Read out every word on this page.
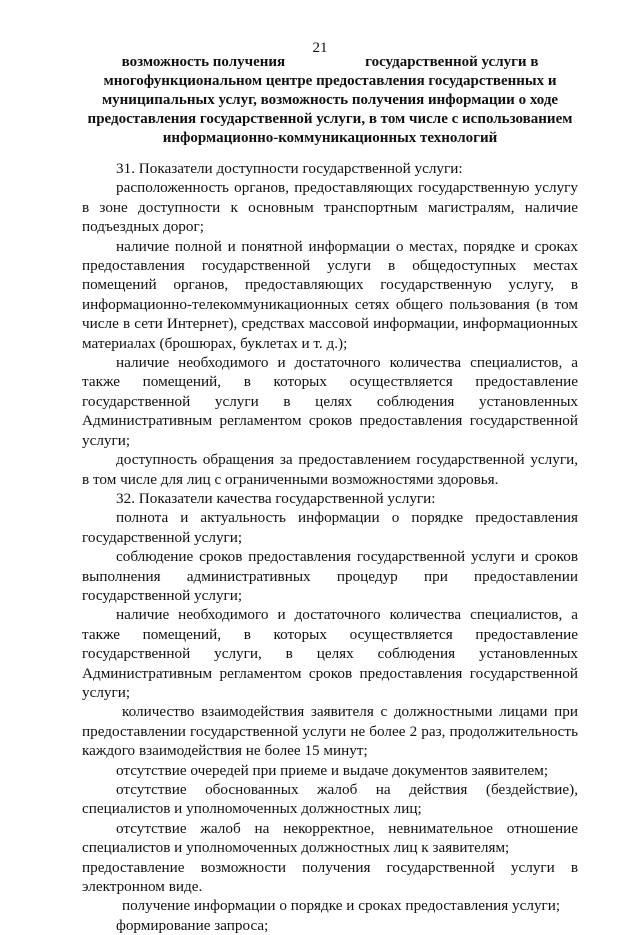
21
возможность получения	государственной услуги в многофункциональном центре предоставления государственных и муниципальных услуг, возможность получения информации о ходе предоставления государственной услуги, в том числе с использованием информационно-коммуникационных технологий

31. Показатели доступности государственной услуги:

расположенность органов, предоставляющих государственную услугу в зоне доступности к основным транспортным магистралям, наличие подъездных дорог;

наличие полной и понятной информации о местах, порядке и сроках предоставления государственной услуги в общедоступных местах помещений органов, предоставляющих государственную услугу, в информационно-телекоммуникационных сетях общего пользования (в том числе в сети Интернет), средствах массовой информации, информационных материалах (брошюрах, буклетах и т. д.);

наличие необходимого и достаточного количества специалистов, а также помещений, в которых осуществляется предоставление государственной услуги в целях соблюдения установленных Административным регламентом сроков предоставления государственной услуги;

доступность обращения за предоставлением государственной услуги, в том числе для лиц с ограниченными возможностями здоровья.

32. Показатели качества государственной услуги:

полнота и актуальность информации о порядке предоставления государственной услуги;

соблюдение сроков предоставления государственной услуги и сроков выполнения административных процедур при предоставлении государственной услуги;

наличие необходимого и достаточного количества специалистов, а также помещений, в которых осуществляется предоставление государственной услуги, в целях соблюдения установленных Административным регламентом сроков предоставления государственной услуги;

количество взаимодействия заявителя с должностными лицами при предоставлении государственной услуги не более 2 раз, продолжительность каждого взаимодействия не более 15 минут;

отсутствие очередей при приеме и выдаче документов заявителем;

отсутствие обоснованных жалоб на действия (бездействие), специалистов и уполномоченных должностных лиц;

отсутствие жалоб на некорректное, невнимательное отношение специалистов и уполномоченных должностных лиц к заявителям;

предоставление возможности получения государственной услуги в электронном виде.

получение информации о порядке и сроках предоставления услуги;

формирование запроса;
